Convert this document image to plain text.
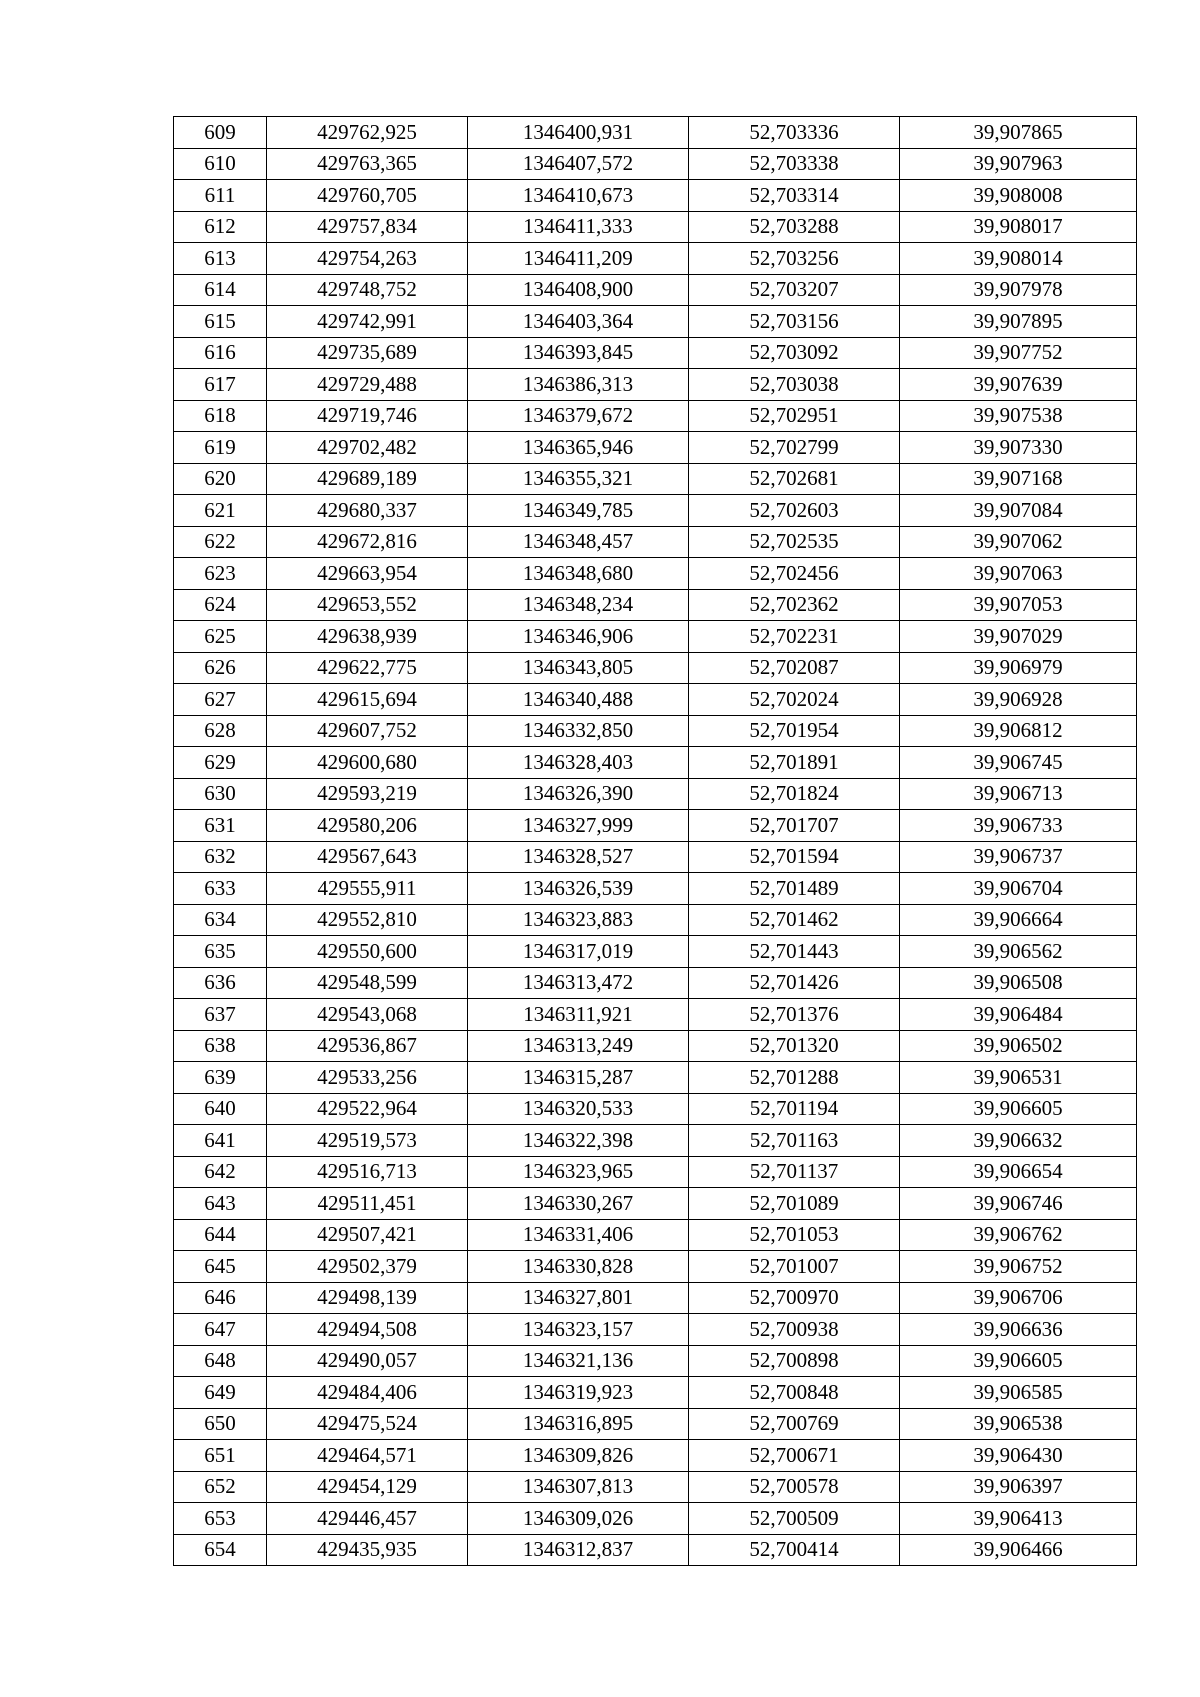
609	429762,925	1346400,931	52,703336	39,907865
610	429763,365	1346407,572	52,703338	39,907963
611	429760,705	1346410,673	52,703314	39,908008
612	429757,834	1346411,333	52,703288	39,908017
613	429754,263	1346411,209	52,703256	39,908014
614	429748,752	1346408,900	52,703207	39,907978
615	429742,991	1346403,364	52,703156	39,907895
616	429735,689	1346393,845	52,703092	39,907752
617	429729,488	1346386,313	52,703038	39,907639
618	429719,746	1346379,672	52,702951	39,907538
619	429702,482	1346365,946	52,702799	39,907330
620	429689,189	1346355,321	52,702681	39,907168
621	429680,337	1346349,785	52,702603	39,907084
622	429672,816	1346348,457	52,702535	39,907062
623	429663,954	1346348,680	52,702456	39,907063
624	429653,552	1346348,234	52,702362	39,907053
625	429638,939	1346346,906	52,702231	39,907029
626	429622,775	1346343,805	52,702087	39,906979
627	429615,694	1346340,488	52,702024	39,906928
628	429607,752	1346332,850	52,701954	39,906812
629	429600,680	1346328,403	52,701891	39,906745
630	429593,219	1346326,390	52,701824	39,906713
631	429580,206	1346327,999	52,701707	39,906733
632	429567,643	1346328,527	52,701594	39,906737
633	429555,911	1346326,539	52,701489	39,906704
634	429552,810	1346323,883	52,701462	39,906664
635	429550,600	1346317,019	52,701443	39,906562
636	429548,599	1346313,472	52,701426	39,906508
637	429543,068	1346311,921	52,701376	39,906484
638	429536,867	1346313,249	52,701320	39,906502
639	429533,256	1346315,287	52,701288	39,906531
640	429522,964	1346320,533	52,701194	39,906605
641	429519,573	1346322,398	52,701163	39,906632
642	429516,713	1346323,965	52,701137	39,906654
643	429511,451	1346330,267	52,701089	39,906746
644	429507,421	1346331,406	52,701053	39,906762
645	429502,379	1346330,828	52,701007	39,906752
646	429498,139	1346327,801	52,700970	39,906706
647	429494,508	1346323,157	52,700938	39,906636
648	429490,057	1346321,136	52,700898	39,906605
649	429484,406	1346319,923	52,700848	39,906585
650	429475,524	1346316,895	52,700769	39,906538
651	429464,571	1346309,826	52,700671	39,906430
652	429454,129	1346307,813	52,700578	39,906397
653	429446,457	1346309,026	52,700509	39,906413
654	429435,935	1346312,837	52,700414	39,906466
